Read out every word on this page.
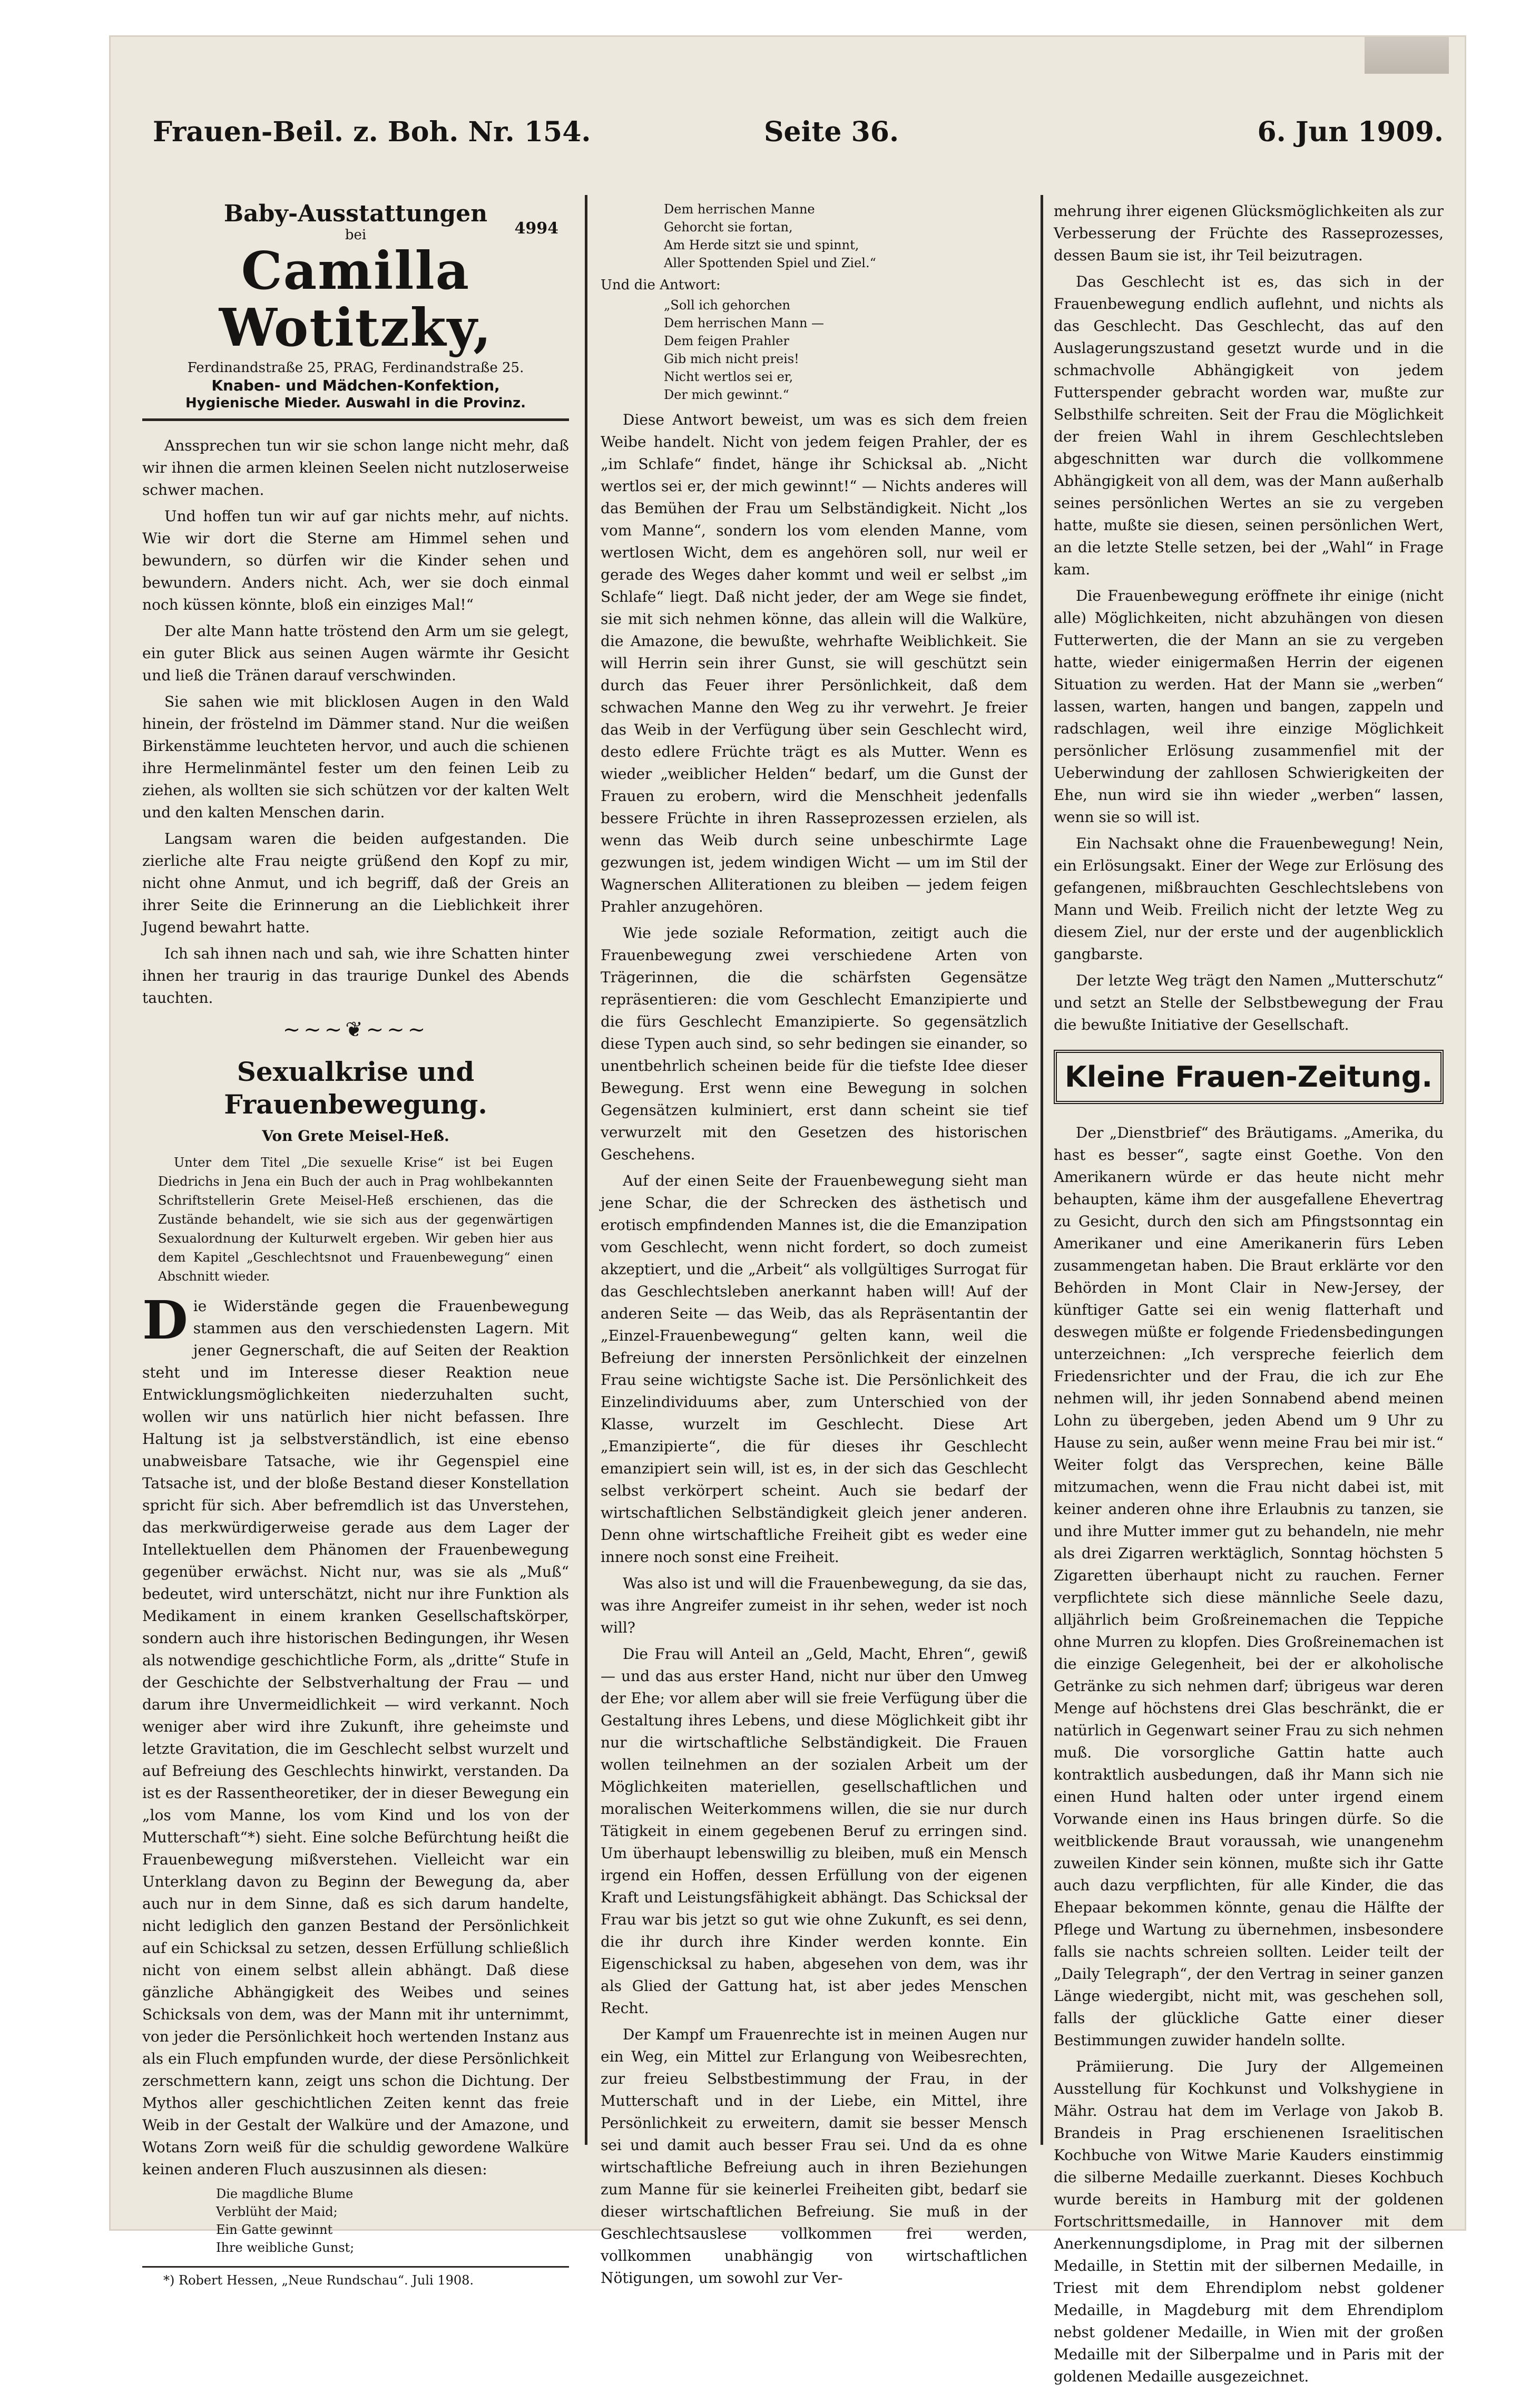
Frauen-Beil. z. Boh. Nr. 154.	Seite 36.	6. Jun 1909.
Baby-Ausstattungen
4994
bei
Camilla Wotitzky,
Ferdinandstraße 25, PRAG, Ferdinandstraße 25.
Knaben- und Mädchen-Konfektion,
Hygienische Mieder. Auswahl in die Provinz.

Anssprechen tun wir sie schon lange nicht mehr, daß wir ihnen die armen kleinen Seelen nicht nutzloserweise schwer machen.

Und hoffen tun wir auf gar nichts mehr, auf nichts. Wie wir dort die Sterne am Himmel sehen und bewundern, so dürfen wir die Kinder sehen und bewundern. Anders nicht. Ach, wer sie doch einmal noch küssen könnte, bloß ein einziges Mal!“

Der alte Mann hatte tröstend den Arm um sie gelegt, ein guter Blick aus seinen Augen wärmte ihr Gesicht und ließ die Tränen darauf verschwinden.

Sie sahen wie mit blicklosen Augen in den Wald hinein, der fröstelnd im Dämmer stand. Nur die weißen Birkenstämme leuchteten hervor, und auch die schienen ihre Hermelinmäntel fester um den feinen Leib zu ziehen, als wollten sie sich schützen vor der kalten Welt und den kalten Menschen darin.

Langsam waren die beiden aufgestanden. Die zierliche alte Frau neigte grüßend den Kopf zu mir, nicht ohne Anmut, und ich begriff, daß der Greis an ihrer Seite die Erinnerung an die Lieblichkeit ihrer Jugend bewahrt hatte.

Ich sah ihnen nach und sah, wie ihre Schatten hinter ihnen her traurig in das traurige Dunkel des Abends tauchten.

~~~❦~~~
Sexualkrise und Frauenbewegung.
Von Grete Meisel-Heß.
Unter dem Titel „Die sexuelle Krise“ ist bei Eugen Diedrichs in Jena ein Buch der auch in Prag wohlbekannten Schriftstellerin Grete Meisel-Heß erschienen, das die Zustände behandelt, wie sie sich aus der gegenwärtigen Sexualordnung der Kulturwelt ergeben. Wir geben hier aus dem Kapitel „Geschlechtsnot und Frauenbewegung“ einen Abschnitt wieder.

Die Widerstände gegen die Frauenbewegung stammen aus den verschiedensten Lagern. Mit jener Gegnerschaft, die auf Seiten der Reaktion steht und im Interesse dieser Reaktion neue Entwicklungsmöglichkeiten niederzuhalten sucht, wollen wir uns natürlich hier nicht befassen. Ihre Haltung ist ja selbstverständlich, ist eine ebenso unabweisbare Tatsache, wie ihr Gegenspiel eine Tatsache ist, und der bloße Bestand dieser Konstellation spricht für sich. Aber befremdlich ist das Unverstehen, das merkwürdigerweise gerade aus dem Lager der Intellektuellen dem Phänomen der Frauenbewegung gegenüber erwächst. Nicht nur, was sie als „Muß“ bedeutet, wird unterschätzt, nicht nur ihre Funktion als Medikament in einem kranken Gesellschaftskörper, sondern auch ihre historischen Bedingungen, ihr Wesen als notwendige geschichtliche Form, als „dritte“ Stufe in der Geschichte der Selbstverhaltung der Frau — und darum ihre Unvermeidlichkeit — wird verkannt. Noch weniger aber wird ihre Zukunft, ihre geheimste und letzte Gravitation, die im Geschlecht selbst wurzelt und auf Befreiung des Geschlechts hinwirkt, verstanden. Da ist es der Rassentheoretiker, der in dieser Bewegung ein „los vom Manne, los vom Kind und los von der Mutterschaft“*) sieht. Eine solche Befürchtung heißt die Frauenbewegung mißverstehen. Vielleicht war ein Unterklang davon zu Beginn der Bewegung da, aber auch nur in dem Sinne, daß es sich darum handelte, nicht lediglich den ganzen Bestand der Persönlichkeit auf ein Schicksal zu setzen, dessen Erfüllung schließlich nicht von einem selbst allein abhängt. Daß diese gänzliche Abhängigkeit des Weibes und seines Schicksals von dem, was der Mann mit ihr unternimmt, von jeder die Persönlichkeit hoch wertenden Instanz aus als ein Fluch empfunden wurde, der diese Persönlichkeit zerschmettern kann, zeigt uns schon die Dichtung. Der Mythos aller geschichtlichen Zeiten kennt das freie Weib in der Gestalt der Walküre und der Amazone, und Wotans Zorn weiß für die schuldig gewordene Walküre keinen anderen Fluch auszusinnen als diesen:

Die magdliche Blume
Verblüht der Maid;
Ein Gatte gewinnt
Ihre weibliche Gunst;
*) Robert Hessen, „Neue Rundschau“. Juli 1908.
Dem herrischen Manne
Gehorcht sie fortan,
Am Herde sitzt sie und spinnt,
Aller Spottenden Spiel und Ziel.“
Und die Antwort:
„Soll ich gehorchen
Dem herrischen Mann —
Dem feigen Prahler
Gib mich nicht preis!
Nicht wertlos sei er,
Der mich gewinnt.“

Diese Antwort beweist, um was es sich dem freien Weibe handelt. Nicht von jedem feigen Prahler, der es „im Schlafe“ findet, hänge ihr Schicksal ab. „Nicht wertlos sei er, der mich gewinnt!“ — Nichts anderes will das Bemühen der Frau um Selbständigkeit. Nicht „los vom Manne“, sondern los vom elenden Manne, vom wertlosen Wicht, dem es angehören soll, nur weil er gerade des Weges daher kommt und weil er selbst „im Schlafe“ liegt. Daß nicht jeder, der am Wege sie findet, sie mit sich nehmen könne, das allein will die Walküre, die Amazone, die bewußte, wehrhafte Weiblichkeit. Sie will Herrin sein ihrer Gunst, sie will geschützt sein durch das Feuer ihrer Persönlichkeit, daß dem schwachen Manne den Weg zu ihr verwehrt. Je freier das Weib in der Verfügung über sein Geschlecht wird, desto edlere Früchte trägt es als Mutter. Wenn es wieder „weiblicher Helden“ bedarf, um die Gunst der Frauen zu erobern, wird die Menschheit jedenfalls bessere Früchte in ihren Rasseprozessen erzielen, als wenn das Weib durch seine unbeschirmte Lage gezwungen ist, jedem windigen Wicht — um im Stil der Wagnerschen Alliterationen zu bleiben — jedem feigen Prahler anzugehören.

Wie jede soziale Reformation, zeitigt auch die Frauenbewegung zwei verschiedene Arten von Trägerinnen, die die schärfsten Gegensätze repräsentieren: die vom Geschlecht Emanzipierte und die fürs Geschlecht Emanzipierte. So gegensätzlich diese Typen auch sind, so sehr bedingen sie einander, so unentbehrlich scheinen beide für die tiefste Idee dieser Bewegung. Erst wenn eine Bewegung in solchen Gegensätzen kulminiert, erst dann scheint sie tief verwurzelt mit den Gesetzen des historischen Geschehens.

Auf der einen Seite der Frauenbewegung sieht man jene Schar, die der Schrecken des ästhetisch und erotisch empfindenden Mannes ist, die die Emanzipation vom Geschlecht, wenn nicht fordert, so doch zumeist akzeptiert, und die „Arbeit“ als vollgültiges Surrogat für das Geschlechtsleben anerkannt haben will! Auf der anderen Seite — das Weib, das als Repräsentantin der „Einzel-Frauenbewegung“ gelten kann, weil die Befreiung der innersten Persönlichkeit der einzelnen Frau seine wichtigste Sache ist. Die Persönlichkeit des Einzelindividuums aber, zum Unterschied von der Klasse, wurzelt im Geschlecht. Diese Art „Emanzipierte“, die für dieses ihr Geschlecht emanzipiert sein will, ist es, in der sich das Geschlecht selbst verkörpert scheint. Auch sie bedarf der wirtschaftlichen Selbständigkeit gleich jener anderen. Denn ohne wirtschaftliche Freiheit gibt es weder eine innere noch sonst eine Freiheit.

Was also ist und will die Frauenbewegung, da sie das, was ihre Angreifer zumeist in ihr sehen, weder ist noch will?

Die Frau will Anteil an „Geld, Macht, Ehren“, gewiß — und das aus erster Hand, nicht nur über den Umweg der Ehe; vor allem aber will sie freie Verfügung über die Gestaltung ihres Lebens, und diese Möglichkeit gibt ihr nur die wirtschaftliche Selbständigkeit. Die Frauen wollen teilnehmen an der sozialen Arbeit um der Möglichkeiten materiellen, gesellschaftlichen und moralischen Weiterkommens willen, die sie nur durch Tätigkeit in einem gegebenen Beruf zu erringen sind. Um überhaupt lebenswillig zu bleiben, muß ein Mensch irgend ein Hoffen, dessen Erfüllung von der eigenen Kraft und Leistungsfähigkeit abhängt. Das Schicksal der Frau war bis jetzt so gut wie ohne Zukunft, es sei denn, die ihr durch ihre Kinder werden konnte. Ein Eigenschicksal zu haben, abgesehen von dem, was ihr als Glied der Gattung hat, ist aber jedes Menschen Recht.

Der Kampf um Frauenrechte ist in meinen Augen nur ein Weg, ein Mittel zur Erlangung von Weibesrechten, zur freieu Selbstbestimmung der Frau, in der Mutterschaft und in der Liebe, ein Mittel, ihre Persönlichkeit zu erweitern, damit sie besser Mensch sei und damit auch besser Frau sei. Und da es ohne wirtschaftliche Befreiung auch in ihren Beziehungen zum Manne für sie keinerlei Freiheiten gibt, bedarf sie dieser wirtschaftlichen Befreiung. Sie muß in der Geschlechtsauslese vollkommen frei werden, vollkommen unabhängig von wirtschaftlichen Nötigungen, um sowohl zur Ver-

mehrung ihrer eigenen Glücksmöglichkeiten als zur Verbesserung der Früchte des Rasseprozesses, dessen Baum sie ist, ihr Teil beizutragen.

Das Geschlecht ist es, das sich in der Frauenbewegung endlich auflehnt, und nichts als das Geschlecht. Das Geschlecht, das auf den Auslagerungszustand gesetzt wurde und in die schmachvolle Abhängigkeit von jedem Futterspender gebracht worden war, mußte zur Selbsthilfe schreiten. Seit der Frau die Möglichkeit der freien Wahl in ihrem Geschlechtsleben abgeschnitten war durch die vollkommene Abhängigkeit von all dem, was der Mann außerhalb seines persönlichen Wertes an sie zu vergeben hatte, mußte sie diesen, seinen persönlichen Wert, an die letzte Stelle setzen, bei der „Wahl“ in Frage kam.

Die Frauenbewegung eröffnete ihr einige (nicht alle) Möglichkeiten, nicht abzuhängen von diesen Futterwerten, die der Mann an sie zu vergeben hatte, wieder einigermaßen Herrin der eigenen Situation zu werden. Hat der Mann sie „werben“ lassen, warten, hangen und bangen, zappeln und radschlagen, weil ihre einzige Möglichkeit persönlicher Erlösung zusammenfiel mit der Ueberwindung der zahllosen Schwierigkeiten der Ehe, nun wird sie ihn wieder „werben“ lassen, wenn sie so will ist.

Ein Nachsakt ohne die Frauenbewegung! Nein, ein Erlösungsakt. Einer der Wege zur Erlösung des gefangenen, mißbrauchten Geschlechtslebens von Mann und Weib. Freilich nicht der letzte Weg zu diesem Ziel, nur der erste und der augenblicklich gangbarste.

Der letzte Weg trägt den Namen „Mutterschutz“ und setzt an Stelle der Selbstbewegung der Frau die bewußte Initiative der Gesellschaft.

Kleine Frauen-Zeitung.

Der „Dienstbrief“ des Bräutigams. „Amerika, du hast es besser“, sagte einst Goethe. Von den Amerikanern würde er das heute nicht mehr behaupten, käme ihm der ausgefallene Ehevertrag zu Gesicht, durch den sich am Pfingstsonntag ein Amerikaner und eine Amerikanerin fürs Leben zusammengetan haben. Die Braut erklärte vor den Behörden in Mont Clair in New-Jersey, der künftiger Gatte sei ein wenig flatterhaft und deswegen müßte er folgende Friedensbedingungen unterzeichnen: „Ich verspreche feierlich dem Friedensrichter und der Frau, die ich zur Ehe nehmen will, ihr jeden Sonnabend abend meinen Lohn zu übergeben, jeden Abend um 9 Uhr zu Hause zu sein, außer wenn meine Frau bei mir ist.“ Weiter folgt das Versprechen, keine Bälle mitzumachen, wenn die Frau nicht dabei ist, mit keiner anderen ohne ihre Erlaubnis zu tanzen, sie und ihre Mutter immer gut zu behandeln, nie mehr als drei Zigarren werktäglich, Sonntag höchsten 5 Zigaretten überhaupt nicht zu rauchen. Ferner verpflichtete sich diese männliche Seele dazu, alljährlich beim Großreinemachen die Teppiche ohne Murren zu klopfen. Dies Großreinemachen ist die einzige Gelegenheit, bei der er alkoholische Getränke zu sich nehmen darf; übrigeus war deren Menge auf höchstens drei Glas beschränkt, die er natürlich in Gegenwart seiner Frau zu sich nehmen muß. Die vorsorgliche Gattin hatte auch kontraktlich ausbedungen, daß ihr Mann sich nie einen Hund halten oder unter irgend einem Vorwande einen ins Haus bringen dürfe. So die weitblickende Braut voraussah, wie unangenehm zuweilen Kinder sein können, mußte sich ihr Gatte auch dazu verpflichten, für alle Kinder, die das Ehepaar bekommen könnte, genau die Hälfte der Pflege und Wartung zu übernehmen, insbesondere falls sie nachts schreien sollten. Leider teilt der „Daily Telegraph“, der den Vertrag in seiner ganzen Länge wiedergibt, nicht mit, was geschehen soll, falls der glückliche Gatte einer dieser Bestimmungen zuwider handeln sollte.

Prämiierung. Die Jury der Allgemeinen Ausstellung für Kochkunst und Volkshygiene in Mähr. Ostrau hat dem im Verlage von Jakob B. Brandeis in Prag erschienenen Israelitischen Kochbuche von Witwe Marie Kauders einstimmig die silberne Medaille zuerkannt. Dieses Kochbuch wurde bereits in Hamburg mit der goldenen Fortschrittsmedaille, in Hannover mit dem Anerkennungsdiplome, in Prag mit der silbernen Medaille, in Stettin mit der silbernen Medaille, in Triest mit dem Ehrendiplom nebst goldener Medaille, in Magdeburg mit dem Ehrendiplom nebst goldener Medaille, in Wien mit der großen Medaille mit der Silberpalme und in Paris mit der goldenen Medaille ausgezeichnet.
